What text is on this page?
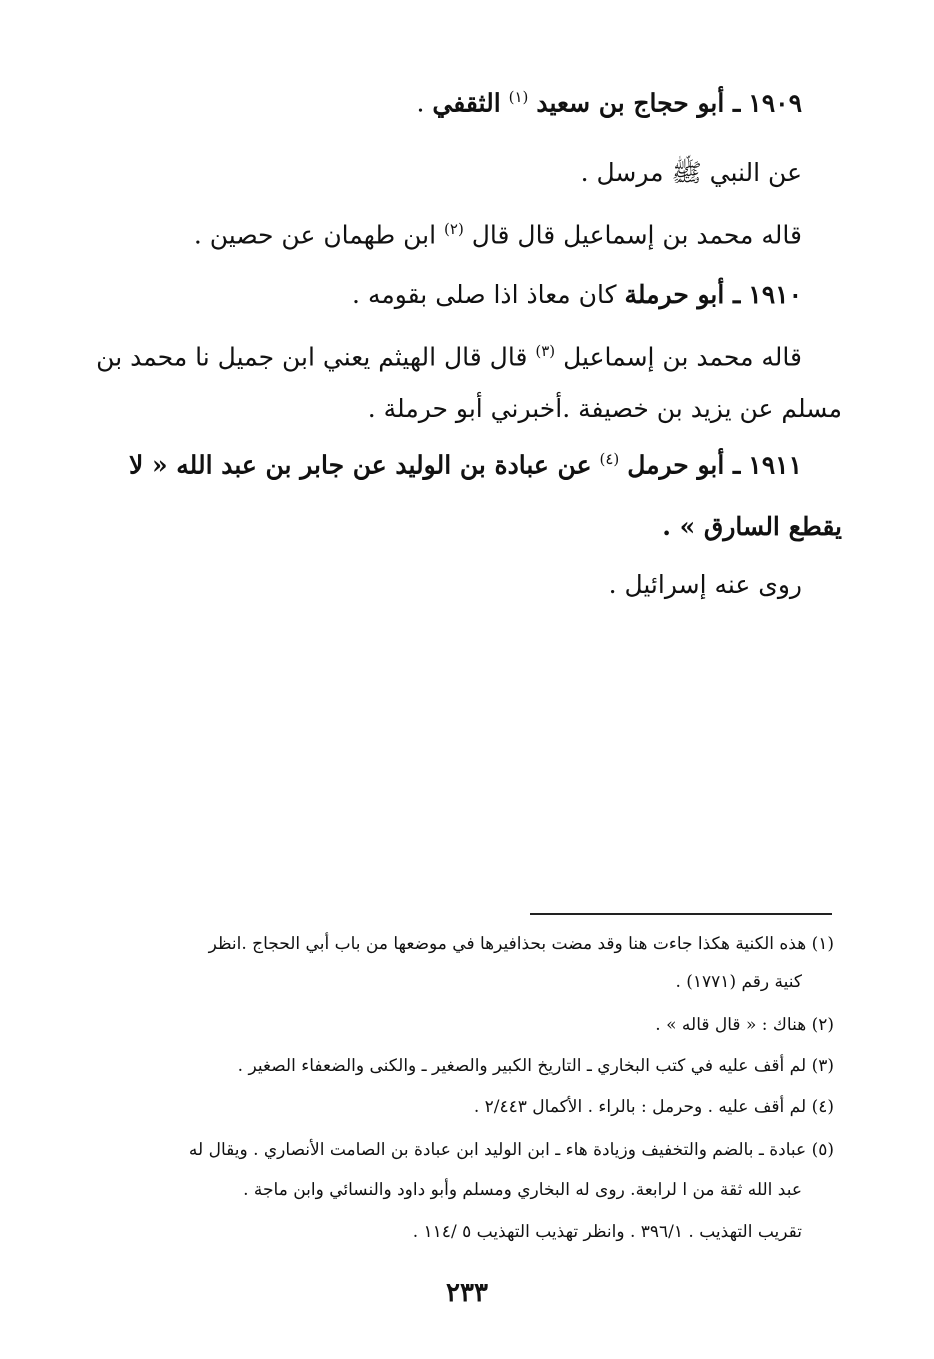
١٩٠٩ ـ أبو حجاج بن سعيد $^{(١)}$ الثقفي .
عن النبي ﷺ مرسل .
قاله محمد بن إسماعيل قال قال $^{(٢)}$ ابن طهمان عن حصين .
١٩١٠ ـ أبو حرملة كان معاذ اذا صلى بقومه .
قاله محمد بن إسماعيل $^{(٣)}$ قال قال الهيثم يعني ابن جميل نا محمد بن
مسلم عن يزيد بن خصيفة .أخبرني أبو حرملة .
١٩١١ ـ أبو حرمل $^{(٤)}$ عن عبادة بن الوليد عن جابر بن عبد الله « لا
يقطع السارق » .
روى عنه إسرائيل .
(١) هذه الكنية هكذا جاءت هنا وقد مضت بحذافيرها في موضعها من باب أبي الحجاج .انظر
كنية رقم (١٧٧١) .
(٢) هناك : « قال قاله » .
(٣) لم أقف عليه في كتب البخاري ـ التاريخ الكبير والصغير ـ والكنى والضعفاء الصغير .
(٤) لم أقف عليه . وحرمل : بالراء . الأكمال ٢/٤٤٣ .
(٥) عبادة ـ بالضم والتخفيف وزيادة هاء ـ ابن الوليد ابن عبادة بن الصامت الأنصاري . ويقال له
عبد الله ثقة من ا لرابعة. روى له البخاري ومسلم وأبو داود والنسائي وابن ماجة .
تقريب التهذيب . ٣٩٦/١ . وانظر تهذيب التهذيب ٥ /١١٤ .
٢٣٣
